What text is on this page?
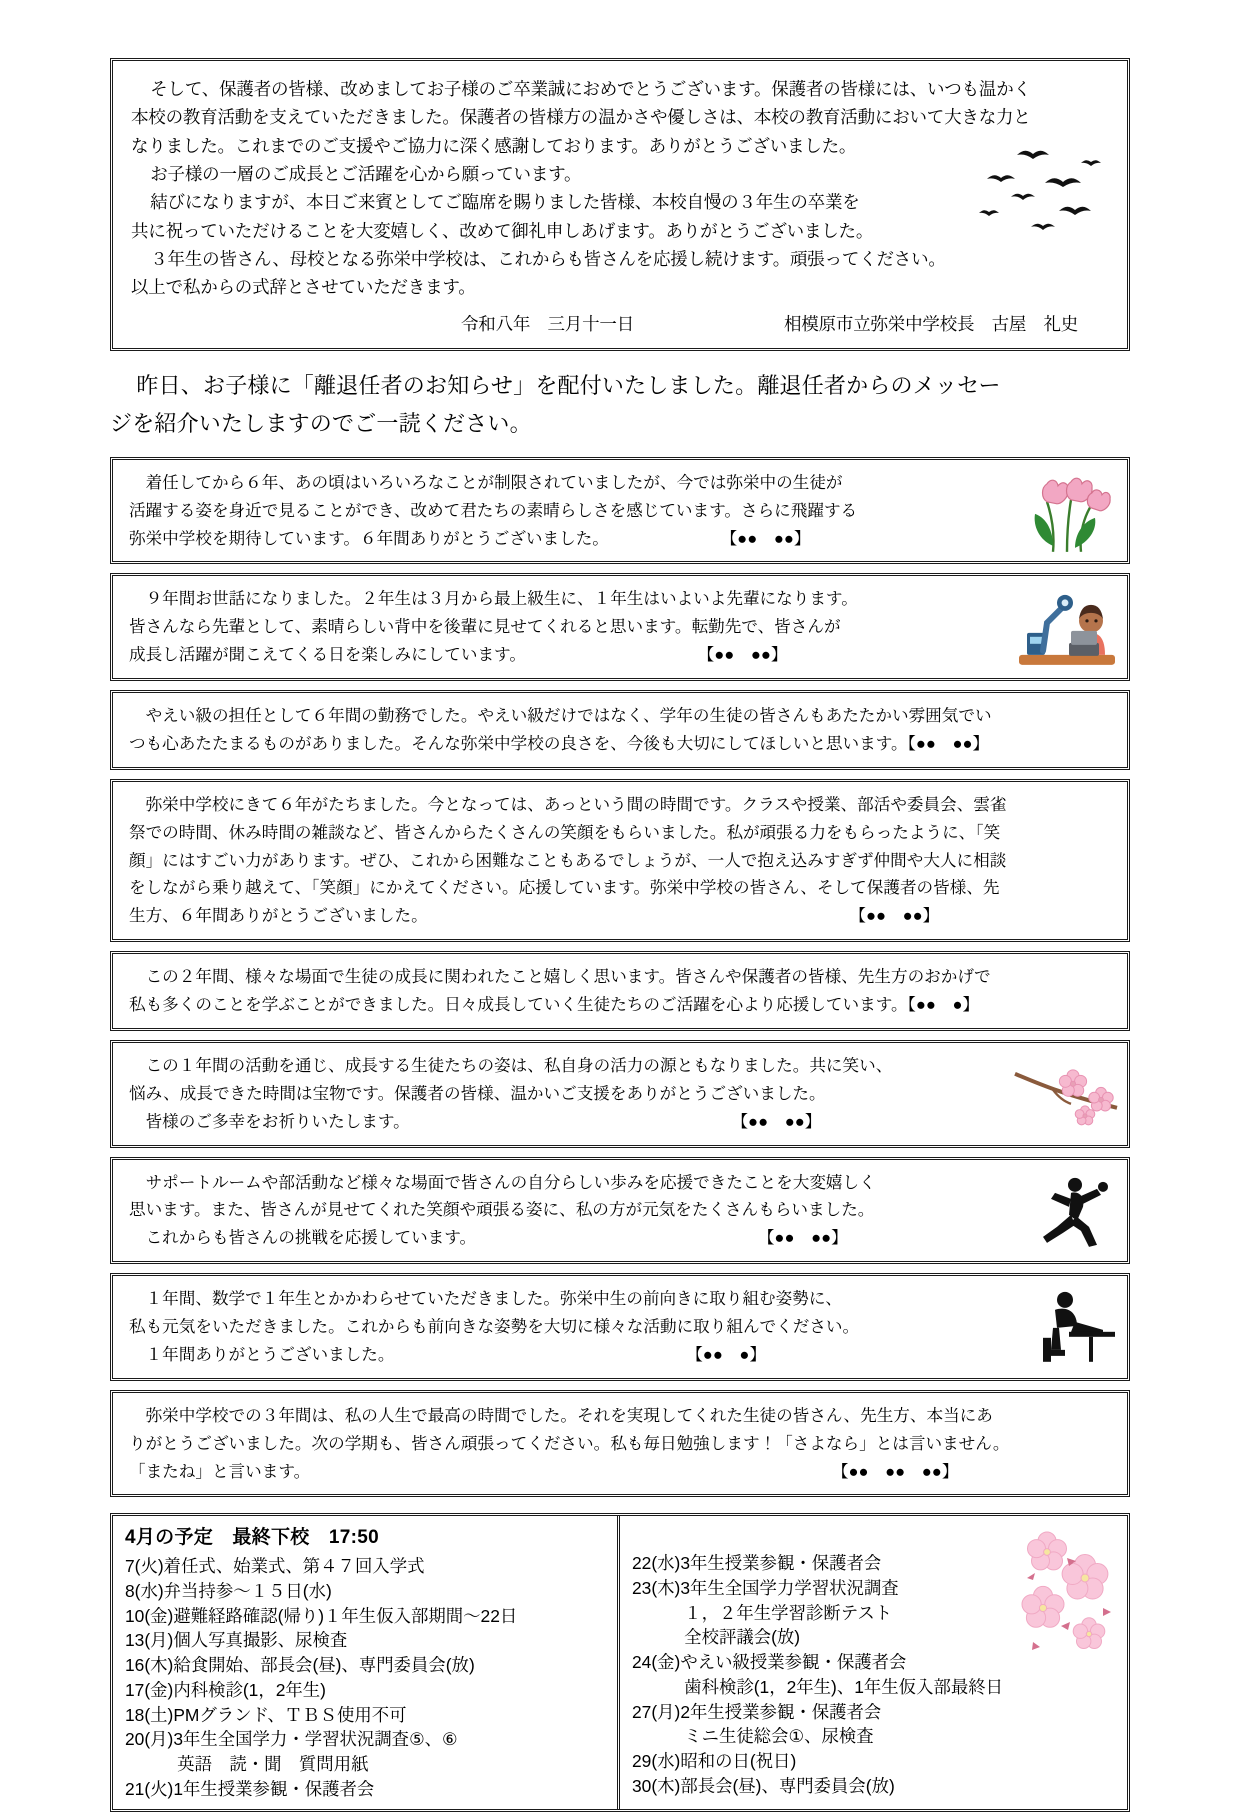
そして、保護者の皆様、改めましてお子様のご卒業誠におめでとうございます。保護者の皆様には、いつも温かく

本校の教育活動を支えていただきました。保護者の皆様方の温かさや優しさは、本校の教育活動において大きな力と

なりました。これまでのご支援やご協力に深く感謝しております。ありがとうございました。

お子様の一層のご成長とご活躍を心から願っています。

結びになりますが、本日ご来賓としてご臨席を賜りました皆様、本校自慢の３年生の卒業を

共に祝っていただけることを大変嬉しく、改めて御礼申しあげます。ありがとうございました。

３年生の皆さん、母校となる弥栄中学校は、これからも皆さんを応援し続けます。頑張ってください。

以上で私からの式辞とさせていただきます。

令和八年　三月十一日	相模原市立弥栄中学校長　古屋　礼史
昨日、お子様に「離退任者のお知らせ」を配付いたしました。離退任者からのメッセー
ジを紹介いたしますのでご一読ください。

　着任してから６年、あの頃はいろいろなことが制限されていましたが、今では弥栄中の生徒が

活躍する姿を身近で見ることができ、改めて君たちの素晴らしさを感じています。さらに飛躍する

弥栄中学校を期待しています。６年間ありがとうございました。	【●●　●●】

　９年間お世話になりました。２年生は３月から最上級生に、１年生はいよいよ先輩になります。

皆さんなら先輩として、素晴らしい背中を後輩に見せてくれると思います。転勤先で、皆さんが

成長し活躍が聞こえてくる日を楽しみにしています。	【●●　●●】

　やえい級の担任として６年間の勤務でした。やえい級だけではなく、学年の生徒の皆さんもあたたかい雰囲気でい

つも心あたたまるものがありました。そんな弥栄中学校の良さを、今後も大切にしてほしいと思います。【●●　●●】

　弥栄中学校にきて６年がたちました。今となっては、あっという間の時間です。クラスや授業、部活や委員会、雲雀

祭での時間、休み時間の雑談など、皆さんからたくさんの笑顔をもらいました。私が頑張る力をもらったように、「笑

顔」にはすごい力があります。ぜひ、これから困難なこともあるでしょうが、一人で抱え込みすぎず仲間や大人に相談

をしながら乗り越えて、「笑顔」にかえてください。応援しています。弥栄中学校の皆さん、そして保護者の皆様、先

生方、６年間ありがとうございました。	【●●　●●】

　この２年間、様々な場面で生徒の成長に関われたこと嬉しく思います。皆さんや保護者の皆様、先生方のおかげで

私も多くのことを学ぶことができました。日々成長していく生徒たちのご活躍を心より応援しています。【●●　●】

　この１年間の活動を通じ、成長する生徒たちの姿は、私自身の活力の源ともなりました。共に笑い、

悩み、成長できた時間は宝物です。保護者の皆様、温かいご支援をありがとうございました。

　皆様のご多幸をお祈りいたします。	【●●　●●】

　サポートルームや部活動など様々な場面で皆さんの自分らしい歩みを応援できたことを大変嬉しく

思います。また、皆さんが見せてくれた笑顔や頑張る姿に、私の方が元気をたくさんもらいました。

　これからも皆さんの挑戦を応援しています。	【●●　●●】

　１年間、数学で１年生とかかわらせていただきました。弥栄中生の前向きに取り組む姿勢に、

私も元気をいただきました。これからも前向きな姿勢を大切に様々な活動に取り組んでください。

　１年間ありがとうございました。	【●●　●】

　弥栄中学校での３年間は、私の人生で最高の時間でした。それを実現してくれた生徒の皆さん、先生方、本当にあ

りがとうございました。次の学期も、皆さん頑張ってください。私も毎日勉強します！「さよなら」とは言いません。

「またね」と言います。	【●●　●●　●●】

4月の予定　最終下校　17:50
7(火)着任式、始業式、第４７回入学式
8(水)弁当持参〜１５日(水)
10(金)避難経路確認(帰り)１年生仮入部期間〜22日
13(月)個人写真撮影、尿検査
16(木)給食開始、部長会(昼)、専門委員会(放)
17(金)内科検診(1，2年生)
18(土)PMグランド、ＴＢＳ使用不可
20(月)3年生全国学力・学習状況調査⑤、⑥
　　　英語　読・聞　質問用紙
21(火)1年生授業参観・保護者会
22(水)3年生授業参観・保護者会
23(木)3年生全国学力学習状況調査
　　　１，２年生学習診断テスト
　　　全校評議会(放)
24(金)やえい級授業参観・保護者会
　　　歯科検診(1，2年生)、1年生仮入部最終日
27(月)2年生授業参観・保護者会
　　　ミニ生徒総会①、尿検査
29(水)昭和の日(祝日)
30(木)部長会(昼)、専門委員会(放)
